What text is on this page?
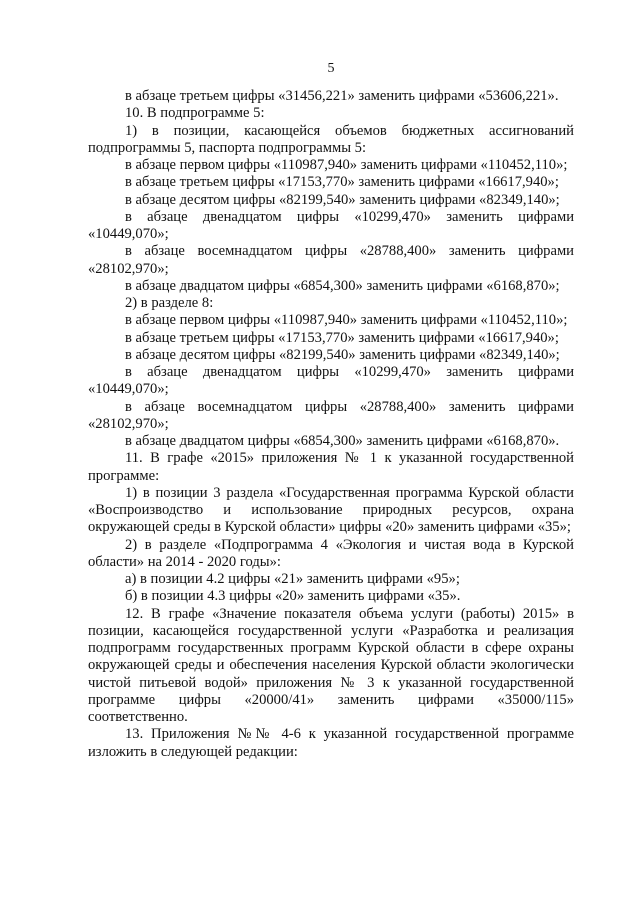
5

в абзаце третьем цифры «31456,221» заменить цифрами «53606,221».

10. В подпрограмме 5:

1) в позиции, касающейся объемов бюджетных ассигнований подпрограммы 5, паспорта подпрограммы 5:

в абзаце первом цифры «110987,940» заменить цифрами «110452,110»;

в абзаце третьем цифры «17153,770» заменить цифрами «16617,940»;

в абзаце десятом цифры «82199,540» заменить цифрами «82349,140»;

в абзаце двенадцатом цифры «10299,470» заменить цифрами «10449,070»;

в абзаце восемнадцатом цифры «28788,400» заменить цифрами «28102,970»;

в абзаце двадцатом цифры «6854,300» заменить цифрами «6168,870»;

2) в разделе 8:

в абзаце первом цифры «110987,940» заменить цифрами «110452,110»;

в абзаце третьем цифры «17153,770» заменить цифрами «16617,940»;

в абзаце десятом цифры «82199,540» заменить цифрами «82349,140»;

в абзаце двенадцатом цифры «10299,470» заменить цифрами «10449,070»;

в абзаце восемнадцатом цифры «28788,400» заменить цифрами «28102,970»;

в абзаце двадцатом цифры «6854,300» заменить цифрами «6168,870».

11. В графе «2015» приложения № 1 к указанной государственной программе:

1) в позиции 3 раздела «Государственная программа Курской области «Воспроизводство и использование природных ресурсов, охрана окружающей среды в Курской области» цифры «20» заменить цифрами «35»;

2) в разделе «Подпрограмма 4 «Экология и чистая вода в Курской области» на 2014 - 2020 годы»:

а) в позиции 4.2 цифры «21» заменить цифрами «95»;

б) в позиции 4.3 цифры «20» заменить цифрами «35».

12. В графе «Значение показателя объема услуги (работы) 2015» в позиции, касающейся государственной услуги «Разработка и реализация подпрограмм государственных программ Курской области в сфере охраны окружающей среды и обеспечения населения Курской области экологически чистой питьевой водой» приложения № 3 к указанной государственной программе цифры «20000/41» заменить цифрами «35000/115» соответственно.

13. Приложения №№ 4-6 к указанной государственной программе изложить в следующей редакции:
